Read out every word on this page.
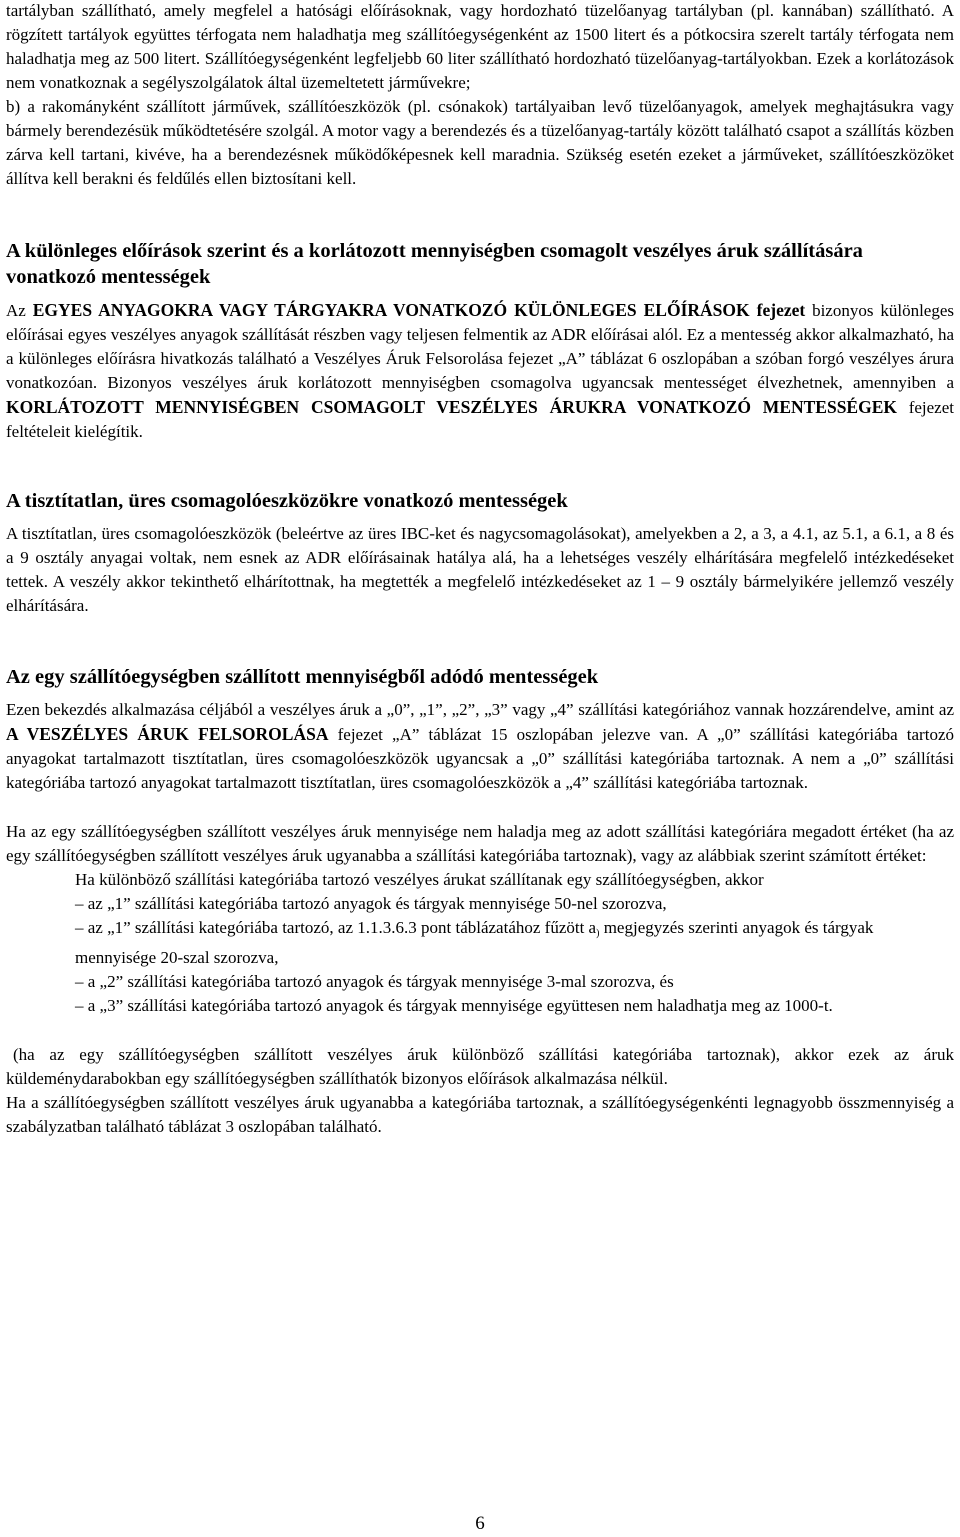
tartályban szállítható, amely megfelel a hatósági előírásoknak, vagy hordozható tüzelőanyag tartályban (pl. kannában) szállítható. A rögzített tartályok együttes térfogata nem haladhatja meg szállítóegységenként az 1500 litert és a pótkocsira szerelt tartály térfogata nem haladhatja meg az 500 litert. Szállítóegységenként legfeljebb 60 liter szállítható hordozható tüzelőanyag-tartályokban. Ezek a korlátozások nem vonatkoznak a segélyszolgálatok által üzemeltetett járművekre;

b) a rakományként szállított járművek, szállítóeszközök (pl. csónakok) tartályaiban levő tüzelőanyagok, amelyek meghajtásukra vagy bármely berendezésük működtetésére szolgál. A motor vagy a berendezés és a tüzelőanyag-tartály között található csapot a szállítás közben zárva kell tartani, kivéve, ha a berendezésnek működőképesnek kell maradnia. Szükség esetén ezeket a járműveket, szállítóeszközöket állítva kell berakni és feldűlés ellen biztosítani kell.

A különleges előírások szerint és a korlátozott mennyiségben csomagolt veszélyes áruk szállítására vonatkozó mentességek

Az EGYES ANYAGOKRA VAGY TÁRGYAKRA VONATKOZÓ KÜLÖNLEGES ELŐÍRÁSOK fejezet bizonyos különleges előírásai egyes veszélyes anyagok szállítását részben vagy teljesen felmentik az ADR előírásai alól. Ez a mentesség akkor alkalmazható, ha a különleges előírásra hivatkozás található a Veszélyes Áruk Felsorolása fejezet „A” táblázat 6 oszlopában a szóban forgó veszélyes árura vonatkozóan. Bizonyos veszélyes áruk korlátozott mennyiségben csomagolva ugyancsak mentességet élvezhetnek, amennyiben a KORLÁTOZOTT MENNYISÉGBEN CSOMAGOLT VESZÉLYES ÁRUKRA VONATKOZÓ MENTESSÉGEK fejezet feltételeit kielégítik.

A tisztítatlan, üres csomagolóeszközökre vonatkozó mentességek

A tisztítatlan, üres csomagolóeszközök (beleértve az üres IBC-ket és nagycsomagolásokat), amelyekben a 2, a 3, a 4.1, az 5.1, a 6.1, a 8 és a 9 osztály anyagai voltak, nem esnek az ADR előírásainak hatálya alá, ha a lehetséges veszély elhárítására megfelelő intézkedéseket tettek. A veszély akkor tekinthető elhárítottnak, ha megtették a megfelelő intézkedéseket az 1 – 9 osztály bármelyikére jellemző veszély elhárítására.

Az egy szállítóegységben szállított mennyiségből adódó mentességek

Ezen bekezdés alkalmazása céljából a veszélyes áruk a „0”, „1”, „2”, „3” vagy „4” szállítási kategóriához vannak hozzárendelve, amint az A VESZÉLYES ÁRUK FELSOROLÁSA fejezet „A” táblázat 15 oszlopában jelezve van. A „0” szállítási kategóriába tartozó anyagokat tartalmazott tisztítatlan, üres csomagolóeszközök ugyancsak a „0” szállítási kategóriába tartoznak. A nem a „0” szállítási kategóriába tartozó anyagokat tartalmazott tisztítatlan, üres csomagolóeszközök a „4” szállítási kategóriába tartoznak.

Ha az egy szállítóegységben szállított veszélyes áruk mennyisége nem haladja meg az adott szállítási kategóriára megadott értéket (ha az egy szállítóegységben szállított veszélyes áruk ugyanabba a szállítási kategóriába tartoznak), vagy az alábbiak szerint számított értéket:

Ha különböző szállítási kategóriába tartozó veszélyes árukat szállítanak egy szállítóegységben, akkor

– az „1” szállítási kategóriába tartozó anyagok és tárgyak mennyisége 50-nel szorozva,

– az „1” szállítási kategóriába tartozó, az 1.1.3.6.3 pont táblázatához fűzött $a_)$ megjegyzés szerinti anyagok és tárgyak mennyisége 20-szal szorozva,

– a „2” szállítási kategóriába tartozó anyagok és tárgyak mennyisége 3-mal szorozva, és

– a „3” szállítási kategóriába tartozó anyagok és tárgyak mennyisége együttesen nem haladhatja meg az 1000-t.

(ha az egy szállítóegységben szállított veszélyes áruk különböző szállítási kategóriába tartoznak), akkor ezek az áruk küldeménydarabokban egy szállítóegységben szállíthatók bizonyos előírások alkalmazása nélkül.

Ha a szállítóegységben szállított veszélyes áruk ugyanabba a kategóriába tartoznak, a szállítóegységenkénti legnagyobb összmennyiség a szabályzatban található táblázat 3 oszlopában található.

6
